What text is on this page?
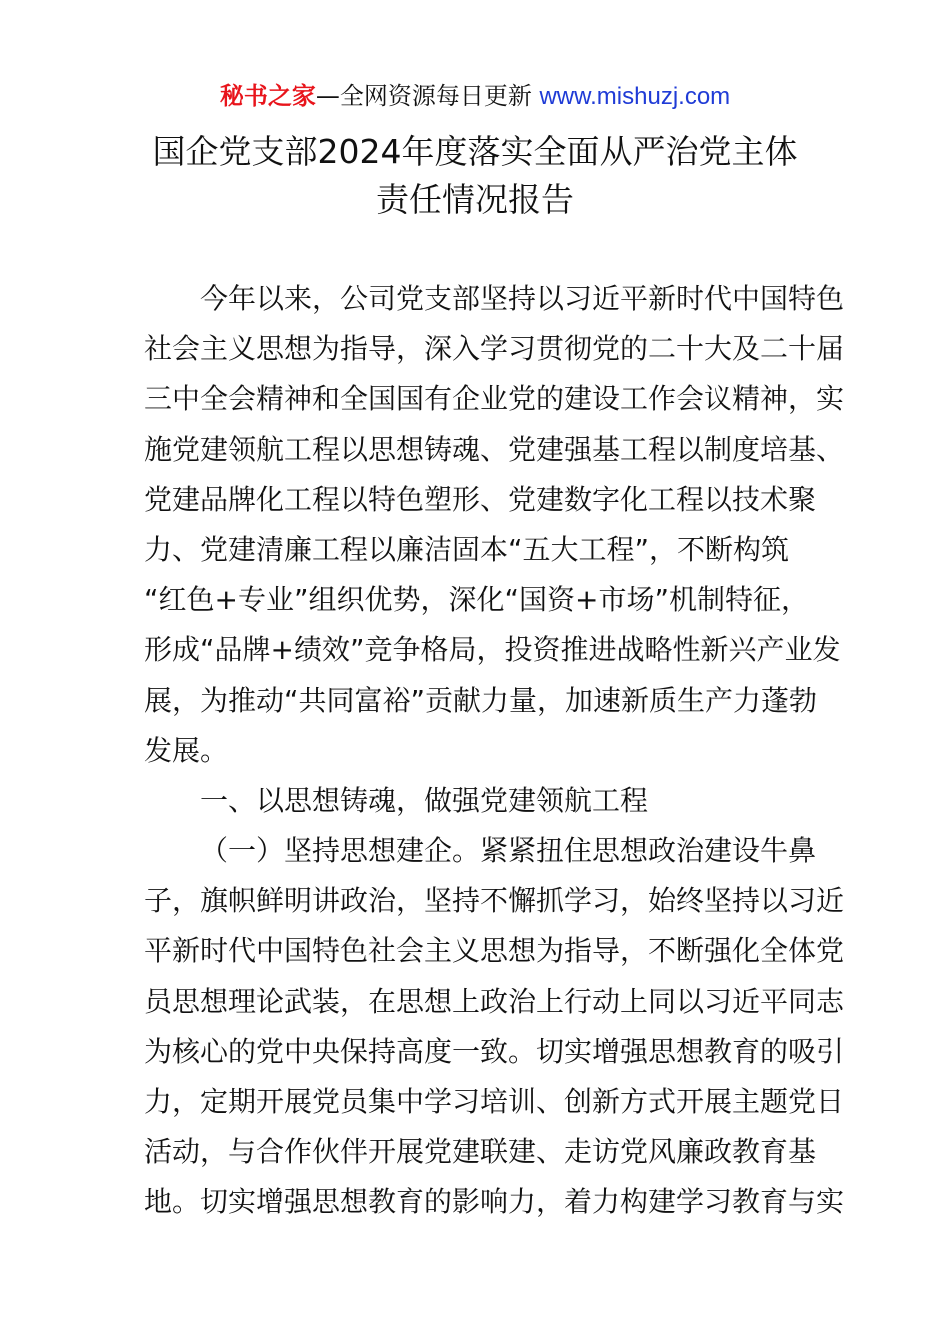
秘书之家—全网资源每日更新 www.mishuzj.com
国企党支部2024年度落实全面从严治党主体
责任情况报告
今年以来，公司党支部坚持以习近平新时代中国特色
社会主义思想为指导，深入学习贯彻党的二十大及二十届
三中全会精神和全国国有企业党的建设工作会议精神，实
施党建领航工程以思想铸魂、党建强基工程以制度培基、
党建品牌化工程以特色塑形、党建数字化工程以技术聚
力、党建清廉工程以廉洁固本“五大工程”，不断构筑
“红色+专业”组织优势，深化“国资+市场”机制特征，
形成“品牌+绩效”竞争格局，投资推进战略性新兴产业发
展，为推动“共同富裕”贡献力量，加速新质生产力蓬勃
发展。
一、以思想铸魂，做强党建领航工程
（一）坚持思想建企。紧紧扭住思想政治建设牛鼻
子，旗帜鲜明讲政治，坚持不懈抓学习，始终坚持以习近
平新时代中国特色社会主义思想为指导，不断强化全体党
员思想理论武装，在思想上政治上行动上同以习近平同志
为核心的党中央保持高度一致。切实增强思想教育的吸引
力，定期开展党员集中学习培训、创新方式开展主题党日
活动，与合作伙伴开展党建联建、走访党风廉政教育基
地。切实增强思想教育的影响力，着力构建学习教育与实
